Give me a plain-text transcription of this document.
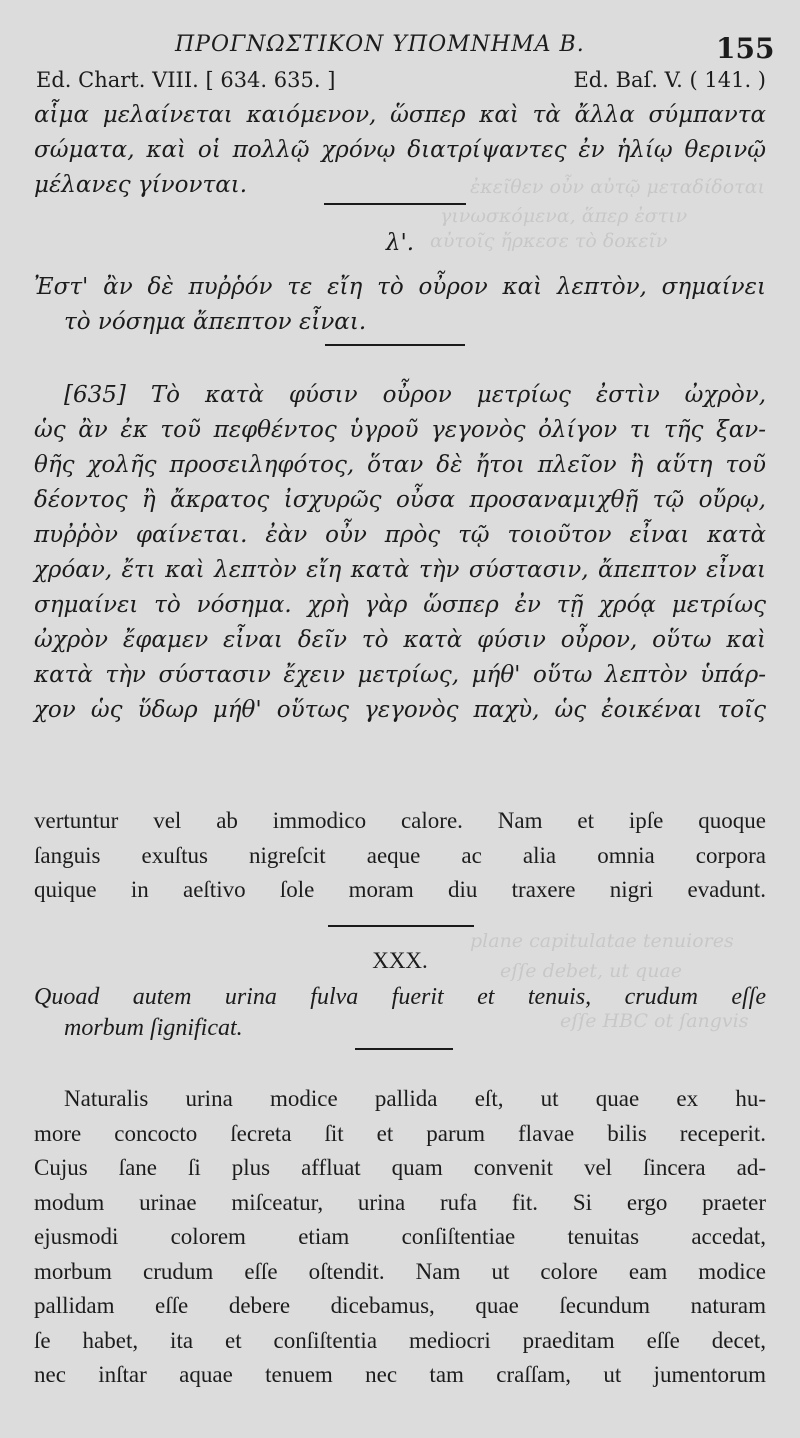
ἐκεῖθεν οὖν αὐτῷ μεταδίδοται
γινωσκόμενα, ἅπερ ἐστιν
αὐτοῖς ἤρκεσε τὸ δοκεῖν
plane capitulatae tenuiores
eſſe debet, ut quae
eſſe HBC ot ſangvis
ΠΡΟΓΝΩΣΤΙΚΟΝ ΥΠΟΜΝΗΜΑ Β.	155
Ed. Chart. VIII. [ 634. 635. ]	Ed. Baſ. V. ( 141. )
αἷμα μελαίνεται καιόμενον, ὥσπερ καὶ τὰ ἄλλα σύμπαντα
σώματα, καὶ οἱ πολλῷ χρόνῳ διατρίψαντες ἐν ἡλίῳ θερινῷ
μέλανες γίνονται.
λ'.
Ἐστ' ἂν δὲ πυῤῥόν τε εἴη τὸ οὖρον καὶ λεπτὸν, σημαίνει
τὸ νόσημα ἄπεπτον εἶναι.
[635] Τὸ κατὰ φύσιν οὖρον μετρίως ἐστὶν ὠχρὸν,
ὡς ἂν ἐκ τοῦ πεφθέντος ὑγροῦ γεγονὸς ὀλίγον τι τῆς ξαν-
θῆς χολῆς προσειληφότος, ὅταν δὲ ἤτοι πλεῖον ἢ αὕτη τοῦ
δέοντος ἢ ἄκρατος ἰσχυρῶς οὖσα προσαναμιχθῇ τῷ οὔρῳ,
πυῤῥὸν φαίνεται. ἐὰν οὖν πρὸς τῷ τοιοῦτον εἶναι κατὰ
χρόαν, ἔτι καὶ λεπτὸν εἴη κατὰ τὴν σύστασιν, ἄπεπτον εἶναι
σημαίνει τὸ νόσημα. χρὴ γὰρ ὥσπερ ἐν τῇ χρόᾳ μετρίως
ὠχρὸν ἔφαμεν εἶναι δεῖν τὸ κατὰ φύσιν οὖρον, οὕτω καὶ
κατὰ τὴν σύστασιν ἔχειν μετρίως, μήθ' οὕτω λεπτὸν ὑπάρ-
χον ὡς ὕδωρ μήθ' οὕτως γεγονὸς παχὺ, ὡς ἐοικέναι τοῖς
vertuntur vel ab immodico calore. Nam et ipſe quoque
ſanguis exuſtus nigreſcit aeque ac alia omnia corpora
quique in aeſtivo ſole moram diu traxere nigri evadunt.
XXX.
Quoad autem urina fulva fuerit et tenuis, crudum eſſe
morbum ſignificat.
Naturalis urina modice pallida eſt, ut quae ex hu-
more concocto ſecreta ſit et parum flavae bilis receperit.
Cujus ſane ſi plus affluat quam convenit vel ſincera ad-
modum urinae miſceatur, urina rufa fit. Si ergo praeter
ejusmodi colorem etiam conſiſtentiae tenuitas accedat,
morbum crudum eſſe oſtendit. Nam ut colore eam modice
pallidam eſſe debere dicebamus, quae ſecundum naturam
ſe habet, ita et conſiſtentia mediocri praeditam eſſe decet,
nec inſtar aquae tenuem nec tam craſſam, ut jumentorum
